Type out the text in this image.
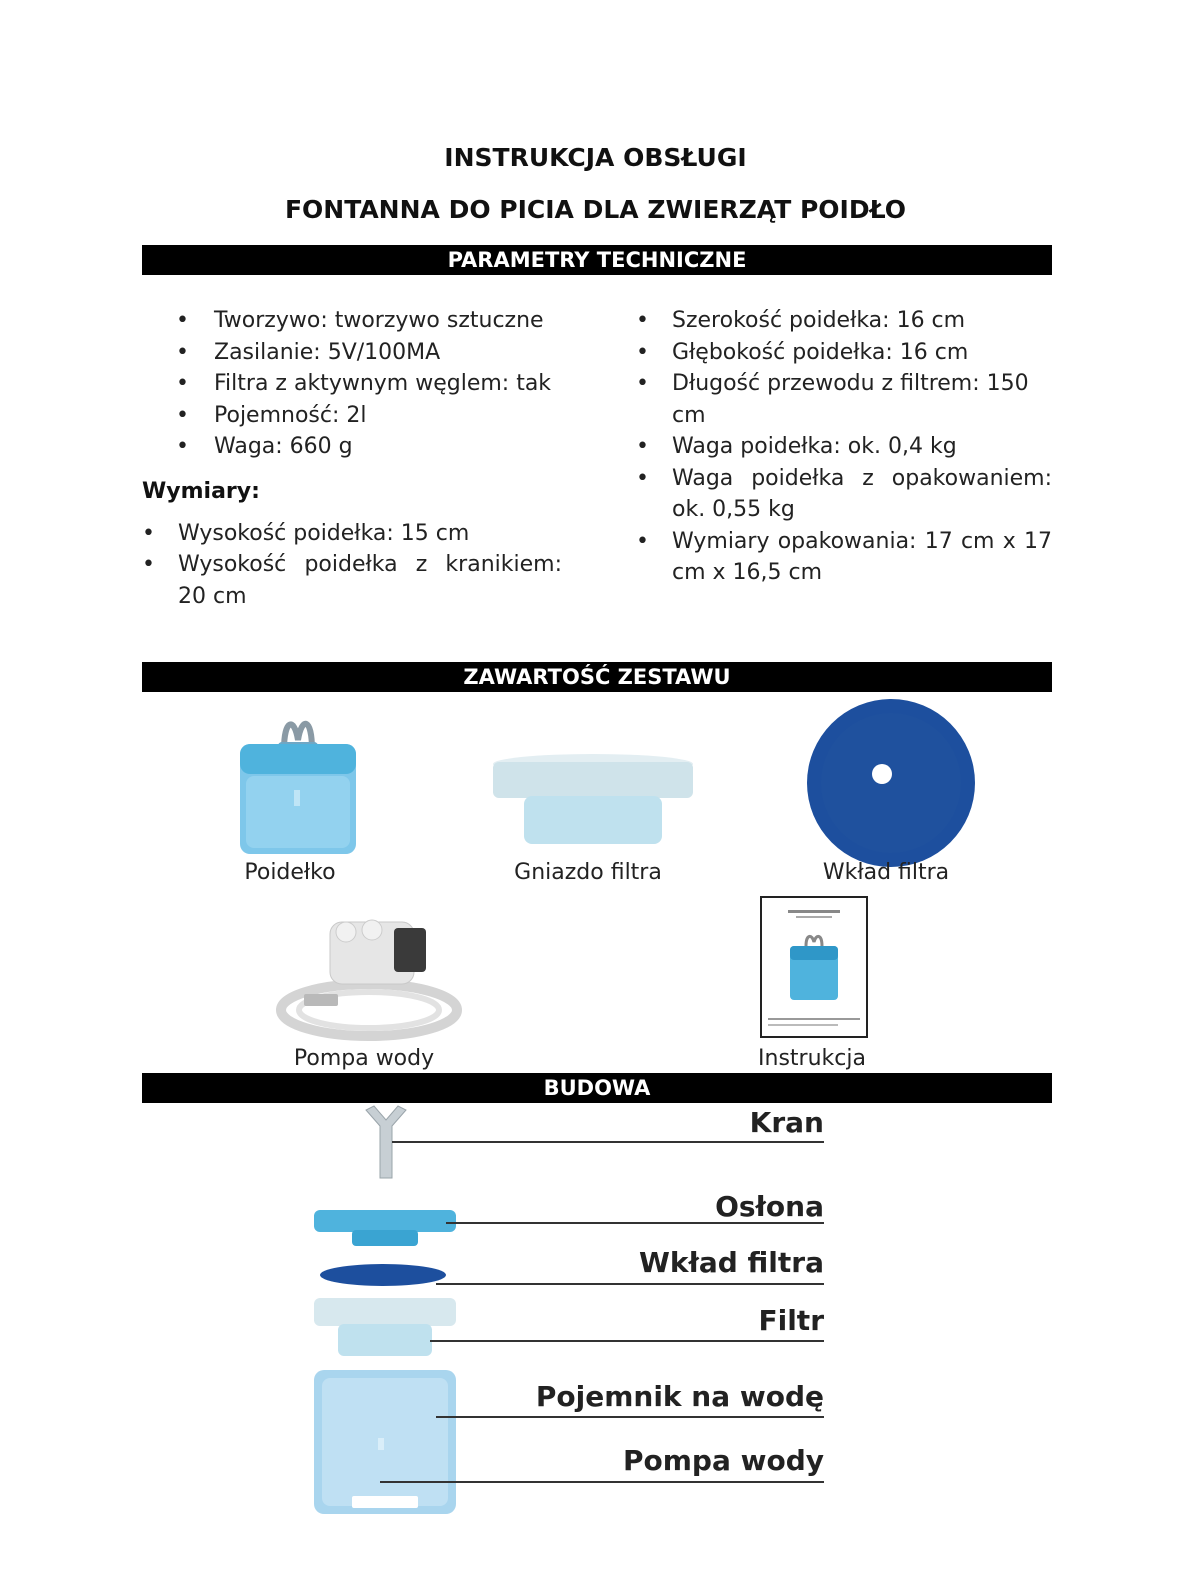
INSTRUKCJA OBSŁUGI
FONTANNA DO PICIA DLA ZWIERZĄT POIDŁO
PARAMETRY TECHNICZNE
• Tworzywo: tworzywo sztuczne
• Zasilanie: 5V/100MA
• Filtra z aktywnym węglem: tak
• Pojemność: 2l
• Waga: 660 g
Wymiary:
• Wysokość poidełka: 15 cm
• Wysokość poidełka z kranikiem: 20 cm
• Szerokość poidełka: 16 cm
• Głębokość poidełka: 16 cm
• Długość przewodu z filtrem: 150 cm
• Waga poidełka: ok. 0,4 kg
• Waga poidełka z opakowaniem: ok. 0,55 kg
• Wymiary opakowania: 17 cm x 17 cm x 16,5 cm
ZAWARTOŚĆ ZESTAWU
Poidełko	Gniazdo filtra	Wkład filtra
Pompa wody	Instrukcja
BUDOWA
Kran
Osłona
Wkład filtra
Filtr
Pojemnik na wodę
Pompa wody
